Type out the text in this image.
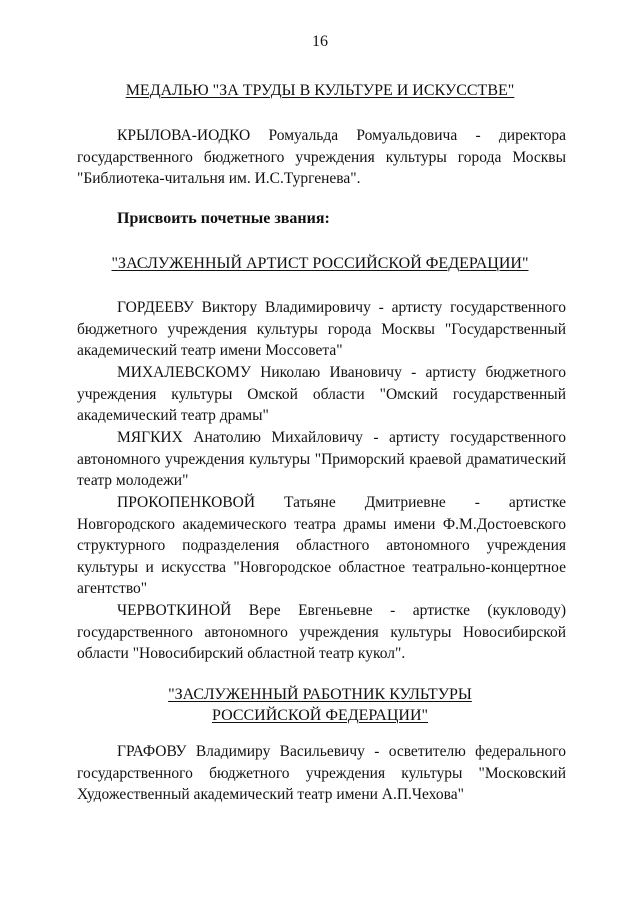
16
МЕДАЛЬЮ "ЗА ТРУДЫ В КУЛЬТУРЕ И ИСКУССТВЕ"

КРЫЛОВА-ИОДКО Ромуальда Ромуальдовича - директора государственного бюджетного учреждения культуры города Москвы "Библиотека-читальня им. И.С.Тургенева".

Присвоить почетные звания:
"ЗАСЛУЖЕННЫЙ АРТИСТ РОССИЙСКОЙ ФЕДЕРАЦИИ"

ГОРДЕЕВУ Виктору Владимировичу - артисту государственного бюджетного учреждения культуры города Москвы "Государственный академический театр имени Моссовета"

МИХАЛЕВСКОМУ Николаю Ивановичу - артисту бюджетного учреждения культуры Омской области "Омский государственный академический театр драмы"

МЯГКИХ Анатолию Михайловичу - артисту государственного автономного учреждения культуры "Приморский краевой драматический театр молодежи"

ПРОКОПЕНКОВОЙ Татьяне Дмитриевне - артистке Новгородского академического театра драмы имени Ф.М.Достоевского структурного подразделения областного автономного учреждения культуры и искусства "Новгородское областное театрально-концертное агентство"

ЧЕРВОТКИНОЙ Вере Евгеньевне - артистке (кукловоду) государственного автономного учреждения культуры Новосибирской области "Новосибирский областной театр кукол".

"ЗАСЛУЖЕННЫЙ РАБОТНИК КУЛЬТУРЫ
РОССИЙСКОЙ ФЕДЕРАЦИИ"

ГРАФОВУ Владимиру Васильевичу - осветителю федерального государственного бюджетного учреждения культуры "Московский Художественный академический театр имени А.П.Чехова"
